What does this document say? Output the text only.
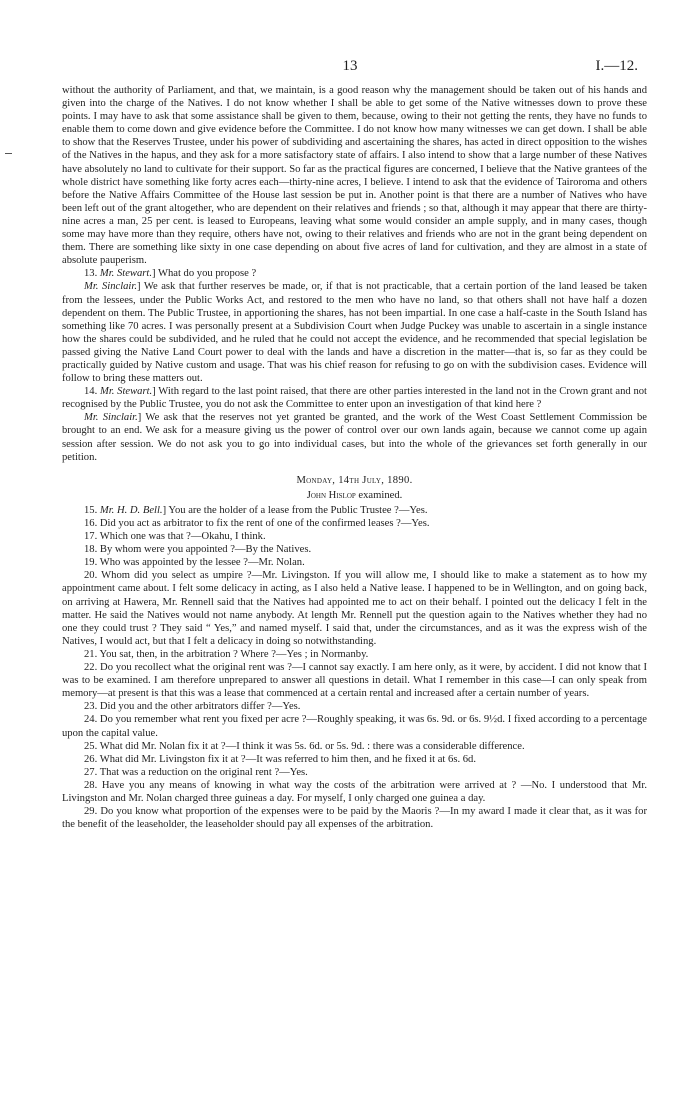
13	I.—12.

without the authority of Parliament, and that, we maintain, is a good reason why the management should be taken out of his hands and given into the charge of the Natives. I do not know whether I shall be able to get some of the Native witnesses down to prove these points. I may have to ask that some assistance shall be given to them, because, owing to their not getting the rents, they have no funds to enable them to come down and give evidence before the Committee. I do not know how many witnesses we can get down. I shall be able to show that the Reserves Trustee, under his power of subdividing and ascertaining the shares, has acted in direct opposition to the wishes of the Natives in the hapus, and they ask for a more satisfactory state of affairs. I also intend to show that a large number of these Natives have absolutely no land to cultivate for their support. So far as the practical figures are concerned, I believe that the Native grantees of the whole district have something like forty acres each—thirty-nine acres, I believe. I intend to ask that the evidence of Tairoroma and others before the Native Affairs Committee of the House last session be put in. Another point is that there are a number of Natives who have been left out of the grant altogether, who are dependent on their relatives and friends ; so that, although it may appear that there are thirty-nine acres a man, 25 per cent. is leased to Europeans, leaving what some would consider an ample supply, and in many cases, though some may have more than they require, others have not, owing to their relatives and friends who are not in the grant being dependent on them. There are something like sixty in one case depending on about five acres of land for cultivation, and they are almost in a state of absolute pauperism.

13. Mr. Stewart.] What do you propose ?

Mr. Sinclair.] We ask that further reserves be made, or, if that is not practicable, that a certain portion of the land leased be taken from the lessees, under the Public Works Act, and restored to the men who have no land, so that others shall not have half a dozen dependent on them. The Public Trustee, in apportioning the shares, has not been impartial. In one case a half-caste in the South Island has something like 70 acres. I was personally present at a Subdivision Court when Judge Puckey was unable to ascertain in a single instance how the shares could be subdivided, and he ruled that he could not accept the evidence, and he recommended that special legislation be passed giving the Native Land Court power to deal with the lands and have a discretion in the matter—that is, so far as they could be practically guided by Native custom and usage. That was his chief reason for refusing to go on with the subdivision cases. Evidence will follow to bring these matters out.

14. Mr. Stewart.] With regard to the last point raised, that there are other parties interested in the land not in the Crown grant and not recognised by the Public Trustee, you do not ask the Committee to enter upon an investigation of that kind here ?

Mr. Sinclair.] We ask that the reserves not yet granted be granted, and the work of the West Coast Settlement Commission be brought to an end. We ask for a measure giving us the power of control over our own lands again, because we cannot come up again session after session. We do not ask you to go into individual cases, but into the whole of the grievances set forth generally in our petition.

Monday, 14th July, 1890.

John Hislop examined.

15. Mr. H. D. Bell.] You are the holder of a lease from the Public Trustee ?—Yes.

16. Did you act as arbitrator to fix the rent of one of the confirmed leases ?—Yes.

17. Which one was that ?—Okahu, I think.

18. By whom were you appointed ?—By the Natives.

19. Who was appointed by the lessee ?—Mr. Nolan.

20. Whom did you select as umpire ?—Mr. Livingston. If you will allow me, I should like to make a statement as to how my appointment came about. I felt some delicacy in acting, as I also held a Native lease. I happened to be in Wellington, and on going back, on arriving at Hawera, Mr. Rennell said that the Natives had appointed me to act on their behalf. I pointed out the delicacy I felt in the matter. He said the Natives would not name anybody. At length Mr. Rennell put the question again to the Natives whether they had no one they could trust ? They said “ Yes,” and named myself. I said that, under the circumstances, and as it was the express wish of the Natives, I would act, but that I felt a delicacy in doing so notwithstanding.

21. You sat, then, in the arbitration ? Where ?—Yes ; in Normanby.

22. Do you recollect what the original rent was ?—I cannot say exactly. I am here only, as it were, by accident. I did not know that I was to be examined. I am therefore unprepared to answer all questions in detail. What I remember in this case—I can only speak from memory—at present is that this was a lease that commenced at a certain rental and increased after a certain number of years.

23. Did you and the other arbitrators differ ?—Yes.

24. Do you remember what rent you fixed per acre ?—Roughly speaking, it was 6s. 9d. or 6s. 9½d. I fixed according to a percentage upon the capital value.

25. What did Mr. Nolan fix it at ?—I think it was 5s. 6d. or 5s. 9d. : there was a considerable difference.

26. What did Mr. Livingston fix it at ?—It was referred to him then, and he fixed it at 6s. 6d.

27. That was a reduction on the original rent ?—Yes.

28. Have you any means of knowing in what way the costs of the arbitration were arrived at ? —No. I understood that Mr. Livingston and Mr. Nolan charged three guineas a day. For myself, I only charged one guinea a day.

29. Do you know what proportion of the expenses were to be paid by the Maoris ?—In my award I made it clear that, as it was for the benefit of the leaseholder, the leaseholder should pay all expenses of the arbitration.
